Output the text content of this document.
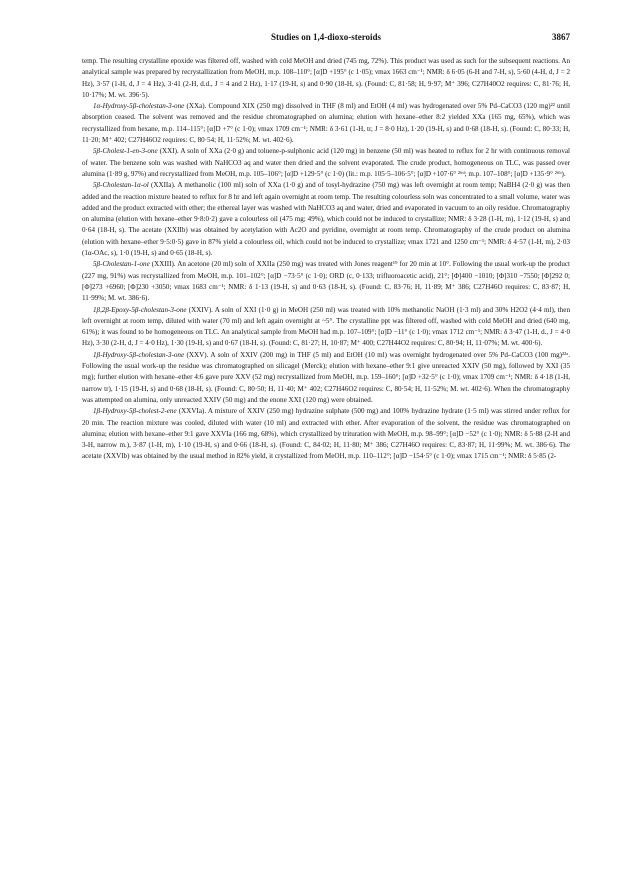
Studies on 1,4-dioxo-steroids	3867

temp. The resulting crystalline epoxide was filtered off, washed with cold MeOH and dried (745 mg, 72%). This product was used as such for the subsequent reactions. An analytical sample was prepared by recrystallization from MeOH, m.p. 108–110°; [α]D +195° (c 1·05); νmax 1663 cm⁻¹; NMR: δ 6·05 (6-H and 7-H, s), 5·60 (4-H, d, J = 2 Hz), 3·57 (1-H, d, J = 4 Hz), 3·41 (2-H, d.d., J = 4 and 2 Hz), 1·17 (19-H, s) and 0·90 (18-H, s). (Found: C, 81·58; H, 9·97; M⁺ 396; C27H40O2 requires: C, 81·76; H, 10·17%; M. wt. 396·5).

1α-Hydroxy-5β-cholestan-3-one (XXa). Compound XIX (250 mg) dissolved in THF (8 ml) and EtOH (4 ml) was hydrogenated over 5% Pd–CaCO3 (120 mg)²² until absorption ceased. The solvent was removed and the residue chromatographed on alumina; elution with hexane–ether 8:2 yielded XXa (165 mg, 65%), which was recrystallized from hexane, m.p. 114–115°; [α]D +7° (c 1·0); νmax 1709 cm⁻¹; NMR: δ 3·61 (1-H, tr, J = 8·0 Hz), 1·20 (19-H, s) and 0·68 (18-H, s). (Found: C, 80·33; H, 11·20; M⁺ 402; C27H46O2 requires: C, 80·54; H, 11·52%; M. wt. 402·6).

5β-Cholest-1-en-3-one (XXI). A soln of XXa (2·0 g) and toluene-p-sulphonic acid (120 mg) in benzene (50 ml) was heated to reflux for 2 hr with continuous removal of water. The benzene soln was washed with NaHCO3 aq and water then dried and the solvent evaporated. The crude product, homogeneous on TLC, was passed over alumina (1·89 g, 97%) and recrystallized from MeOH, m.p. 105–106°; [α]D +129·5° (c 1·0) (lit.: m.p. 105·5–106·5°; [α]D +107·6° ²⁶ᵈ; m.p. 107–108°; [α]D +135·9° ²⁶ᵇ).

5β-Cholestan-1α-ol (XXIIa). A methanolic (100 ml) soln of XXa (1·0 g) and of tosyl-hydrazine (750 mg) was left overnight at room temp; NaBH4 (2·0 g) was then added and the reaction mixture heated to reflux for 8 hr and left again overnight at room temp. The resulting colourless soln was concentrated to a small volume, water was added and the product extracted with ether; the ethereal layer was washed with NaHCO3 aq and water, dried and evaporated in vacuum to an oily residue. Chromatography on alumina (elution with hexane–ether 9·8:0·2) gave a colourless oil (475 mg; 49%), which could not be induced to crystallize; NMR: δ 3·28 (1-H, m), 1·12 (19-H, s) and 0·64 (18-H, s). The acetate (XXIIb) was obtained by acetylation with Ac2O and pyridine, overnight at room temp. Chromatography of the crude product on alumina (elution with hexane–ether 9·5:0·5) gave in 87% yield a colourless oil, which could not be induced to crystallize; νmax 1721 and 1250 cm⁻¹; NMR: δ 4·57 (1-H, m), 2·03 (1α-OAc, s), 1·0 (19-H, s) and 0·65 (18-H, s).

5β-Cholestan-1-one (XXIII). An acetone (20 ml) soln of XXIIa (250 mg) was treated with Jones reagent¹⁹ for 20 min at 10°. Following the usual work-up the product (227 mg, 91%) was recrystallized from MeOH, m.p. 101–102°; [α]D −73·5° (c 1·0); ORD (c, 0·133; trifluoroacetic acid), 21°; [Φ]400 −1010; [Φ]310 −7550; [Φ]292 0; [Φ]273 +6960; [Φ]230 +3050; νmax 1683 cm⁻¹; NMR: δ 1·13 (19-H, s) and 0·63 (18-H, s). (Found: C, 83·76; H, 11·89; M⁺ 386; C27H46O requires: C, 83·87; H, 11·99%; M. wt. 386·6).

1β,2β-Epoxy-5β-cholestan-3-one (XXIV). A soln of XXI (1·0 g) in MeOH (250 ml) was treated with 10% methanolic NaOH (1·3 ml) and 30% H2O2 (4·4 ml), then left overnight at room temp, diluted with water (70 ml) and left again overnight at ~5°. The crystalline ppt was filtered off, washed with cold MeOH and dried (640 mg, 61%); it was found to be homogeneous on TLC. An analytical sample from MeOH had m.p. 107–109°; [α]D −11° (c 1·0); νmax 1712 cm⁻¹; NMR: δ 3·47 (1-H, d., J = 4·0 Hz), 3·30 (2-H, d, J = 4·0 Hz), 1·30 (19-H, s) and 0·67 (18-H, s). (Found: C, 81·27; H, 10·87; M⁺ 400; C27H44O2 requires: C, 80·94; H, 11·07%; M. wt. 400·6).

1β-Hydroxy-5β-cholestan-3-one (XXV). A soln of XXIV (200 mg) in THF (5 ml) and EtOH (10 ml) was overnight hydrogenated over 5% Pd–CaCO3 (100 mg)²²ᵃ. Following the usual work-up the residue was chromatographed on silicagel (Merck); elution with hexane–ether 9:1 give unreacted XXIV (50 mg), followed by XXI (35 mg); further elution with hexane–ether 4:6 gave pure XXV (52 mg) recrystallized from MeOH, m.p. 159–160°; [α]D +32·5° (c 1·0); νmax 1709 cm⁻¹; NMR: δ 4·18 (1-H, narrow tr), 1·15 (19-H, s) and 0·68 (18-H, s). (Found: C, 80·50; H, 11·40; M⁺ 402; C27H46O2 requires: C, 80·54; H, 11·52%; M. wt. 402·6). When the chromatography was attempted on alumina, only unreacted XXIV (50 mg) and the enone XXI (120 mg) were obtained.

1β-Hydroxy-5β-cholest-2-ene (XXVIa). A mixture of XXIV (250 mg) hydrazine sulphate (500 mg) and 100% hydrazine hydrate (1·5 ml) was stirred under reflux for 20 min. The reaction mixture was cooled, diluted with water (10 ml) and extracted with ether. After evaporation of the solvent, the residue was chromatographed on alumina; elution with hexane–ether 9:1 gave XXVIa (166 mg, 68%), which crystallized by trituration with MeOH, m.p. 98–99°; [α]D −52° (c 1·0); NMR: δ 5·88 (2-H and 3-H, narrow m.), 3·87 (1-H, m), 1·10 (19-H, s) and 0·66 (18-H, s). (Found: C, 84·02; H, 11·80; M⁺ 386; C27H46O requires: C, 83·87; H, 11·99%; M. wt. 386·6). The acetate (XXVIb) was obtained by the usual method in 82% yield, it crystallized from MeOH, m.p. 110–112°; [α]D −154·5° (c 1·0); νmax 1715 cm⁻¹; NMR: δ 5·85 (2-
